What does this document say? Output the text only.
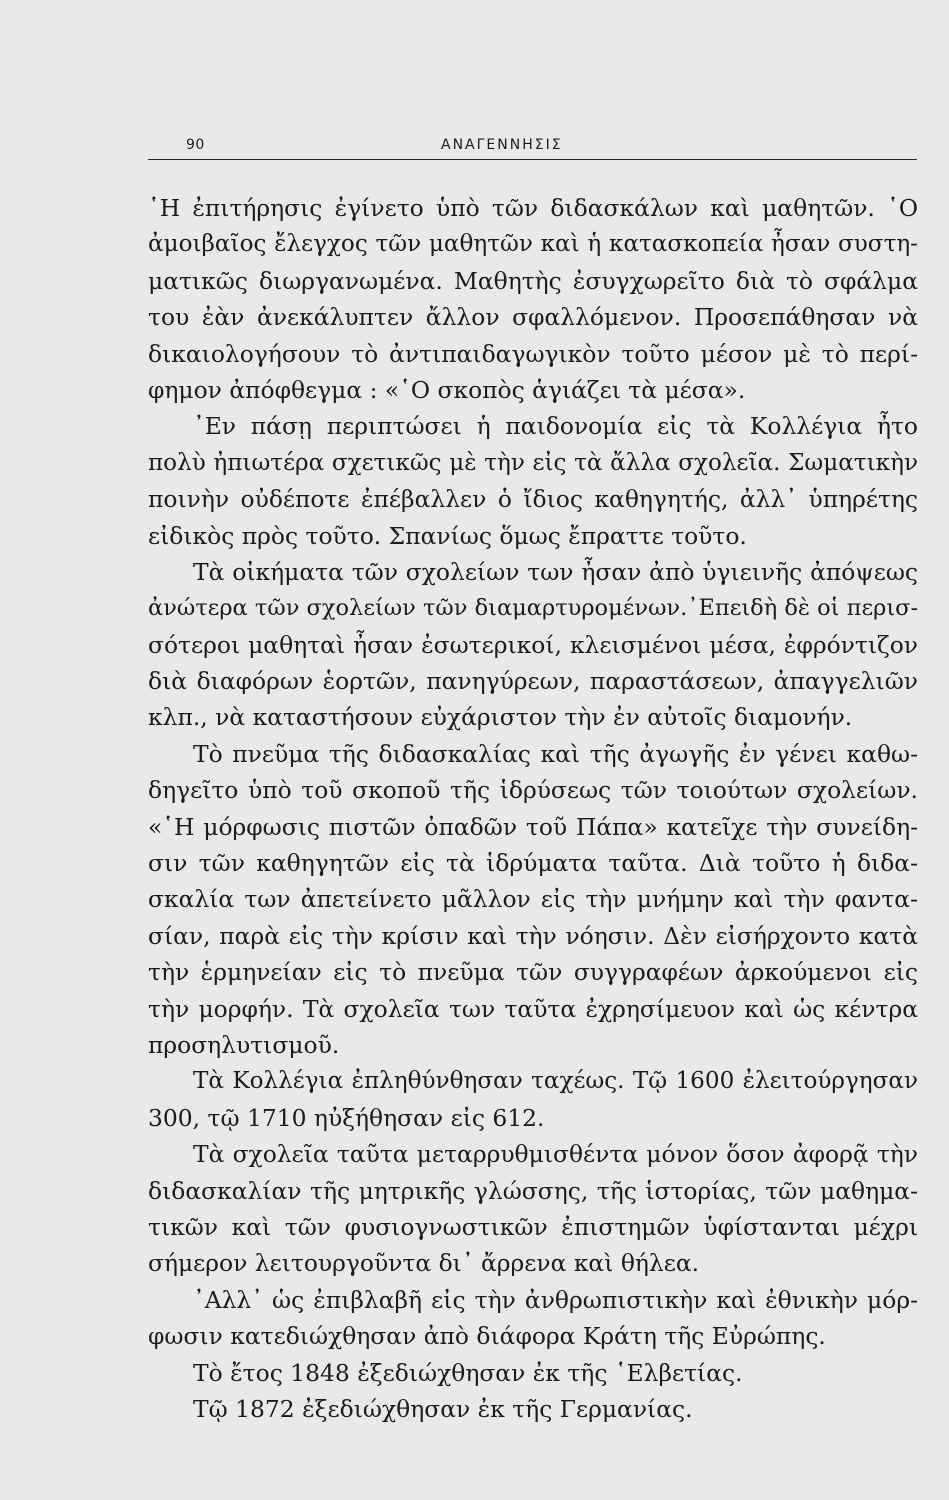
90	ΑΝΑΓΕΝΝΗΣΙΣ
῾Η ἐπιτήρησις ἐγίνετο ὑπὸ τῶν διδασκάλων καὶ μαθητῶν. ῾Ο
ἀμοιβαῖος ἔλεγχος τῶν μαθητῶν καὶ ἡ κατασκοπεία ἦσαν συστη-
ματικῶς διωργανωμένα. Μαθητὴς ἐσυγχωρεῖτο διὰ τὸ σφάλμα
του ἐὰν ἀνεκάλυπτεν ἄλλον σφαλλόμενον. Προσεπάθησαν νὰ
δικαιολογήσουν τὸ ἀντιπαιδαγωγικὸν τοῦτο μέσον μὲ τὸ περί-
φημον ἀπόφθεγμα : «῾Ο σκοπὸς ἁγιάζει τὰ μέσα».
᾿Εν πάσῃ περιπτώσει ἡ παιδονομία εἰς τὰ Κολλέγια ἦτο
πολὺ ἠπιωτέρα σχετικῶς μὲ τὴν εἰς τὰ ἄλλα σχολεῖα. Σωματικὴν
ποινὴν οὐδέποτε ἐπέβαλλεν ὁ ἴδιος καθηγητής, ἀλλ᾿ ὑπηρέτης
εἰδικὸς πρὸς τοῦτο. Σπανίως ὅμως ἔπραττε τοῦτο.
Τὰ οἰκήματα τῶν σχολείων των ἦσαν ἀπὸ ὑγιεινῆς ἀπόψεως
ἀνώτερα τῶν σχολείων τῶν διαμαρτυρομένων.᾿Επειδὴ δὲ οἱ περισ-
σότεροι μαθηταὶ ἦσαν ἐσωτερικοί, κλεισμένοι μέσα, ἐφρόντιζον
διὰ διαφόρων ἑορτῶν, πανηγύρεων, παραστάσεων, ἀπαγγελιῶν
κλπ., νὰ καταστήσουν εὐχάριστον τὴν ἐν αὐτοῖς διαμονήν.
Τὸ πνεῦμα τῆς διδασκαλίας καὶ τῆς ἀγωγῆς ἐν γένει καθω-
δηγεῖτο ὑπὸ τοῦ σκοποῦ τῆς ἱδρύσεως τῶν τοιούτων σχολείων.
«῾Η μόρφωσις πιστῶν ὀπαδῶν τοῦ Πάπα» κατεῖχε τὴν συνείδη-
σιν τῶν καθηγητῶν εἰς τὰ ἱδρύματα ταῦτα. Διὰ τοῦτο ἡ διδα-
σκαλία των ἀπετείνετο μᾶλλον εἰς τὴν μνήμην καὶ τὴν φαντα-
σίαν, παρὰ εἰς τὴν κρίσιν καὶ τὴν νόησιν. Δὲν εἰσήρχοντο κατὰ
τὴν ἑρμηνείαν εἰς τὸ πνεῦμα τῶν συγγραφέων ἀρκούμενοι εἰς
τὴν μορφήν. Τὰ σχολεῖα των ταῦτα ἐχρησίμευον καὶ ὡς κέντρα
προσηλυτισμοῦ.
Τὰ Κολλέγια ἐπληθύνθησαν ταχέως. Τῷ 1600 ἐλειτούργησαν
300, τῷ 1710 ηὐξήθησαν εἰς 612.
Τὰ σχολεῖα ταῦτα μεταρρυθμισθέντα μόνον ὅσον ἀφορᾷ τὴν
διδασκαλίαν τῆς μητρικῆς γλώσσης, τῆς ἱστορίας, τῶν μαθημα-
τικῶν καὶ τῶν φυσιογνωστικῶν ἐπιστημῶν ὑφίστανται μέχρι
σήμερον λειτουργοῦντα δι᾿ ἄρρενα καὶ θήλεα.
᾿Αλλ᾿ ὡς ἐπιβλαβῆ εἰς τὴν ἀνθρωπιστικὴν καὶ ἐθνικὴν μόρ-
φωσιν κατεδιώχθησαν ἀπὸ διάφορα Κράτη τῆς Εὐρώπης.
Τὸ ἔτος 1848 ἐξεδιώχθησαν ἐκ τῆς ῾Ελβετίας.
Τῷ 1872 ἐξεδιώχθησαν ἐκ τῆς Γερμανίας.
